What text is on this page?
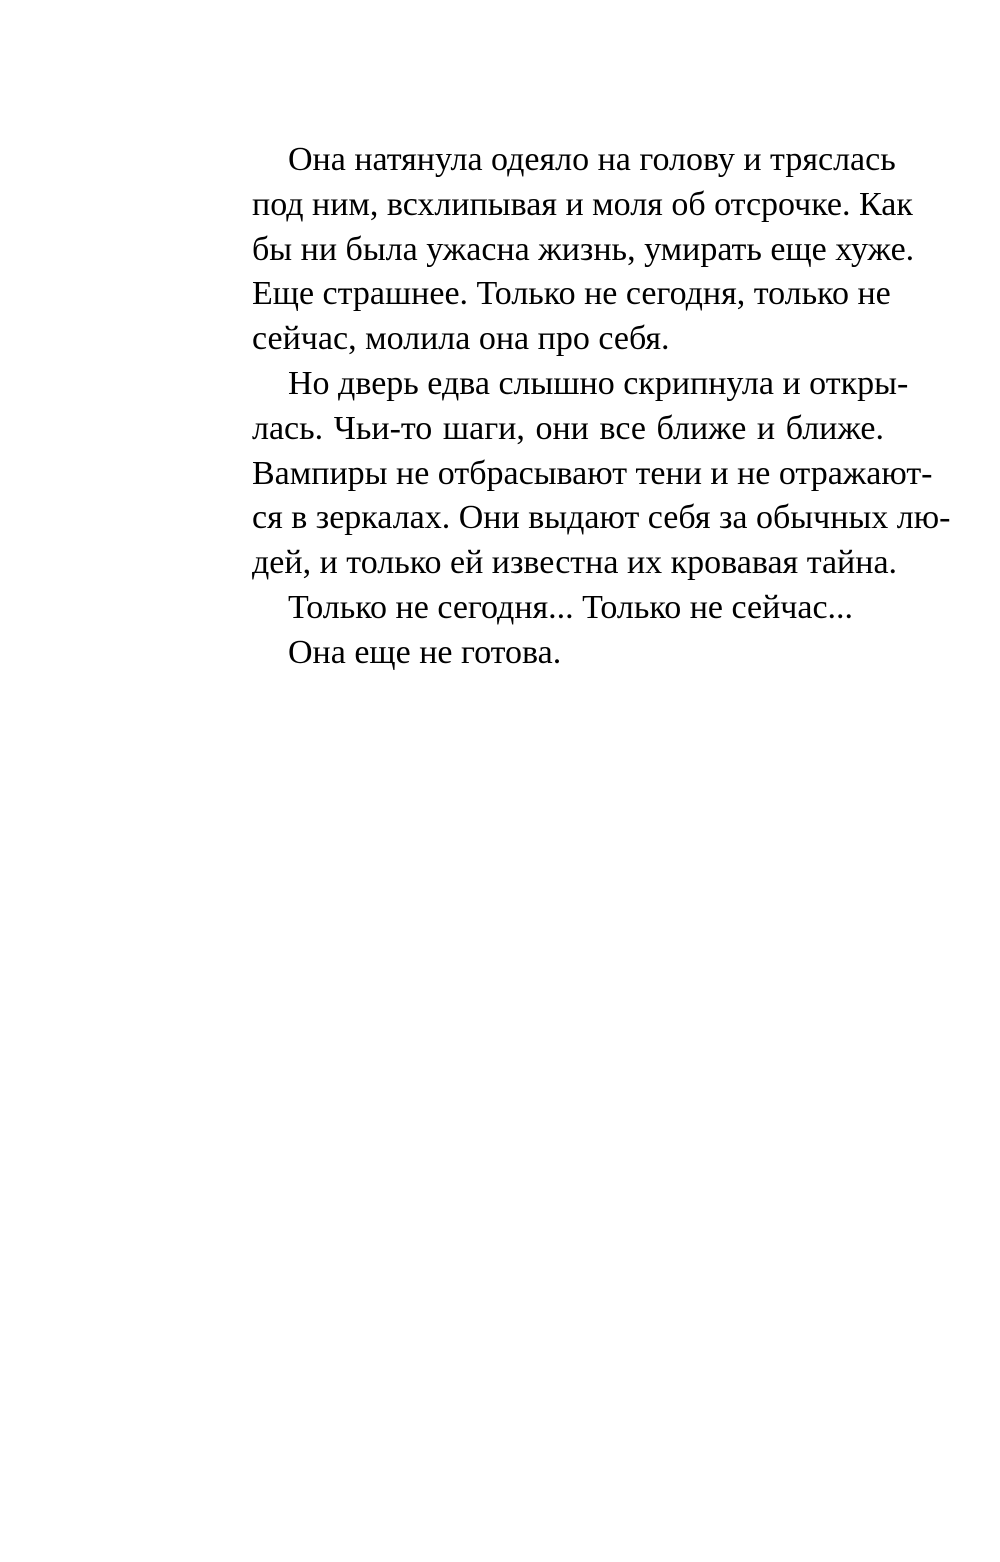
Она натянула одеяло на голову и тряслась
под ним, всхлипывая и моля об отсрочке. Как
бы ни была ужасна жизнь, умирать еще хуже.
Еще страшнее. Только не сегодня, только не
сейчас, молила она про себя.
Но дверь едва слышно скрипнула и откры-
лась. Чьи-то шаги, они все ближе и ближе.
Вампиры не отбрасывают тени и не отражают-
ся в зеркалах. Они выдают себя за обычных лю-
дей, и только ей известна их кровавая тайна.
Только не сегодня... Только не сейчас...
Она еще не готова.
